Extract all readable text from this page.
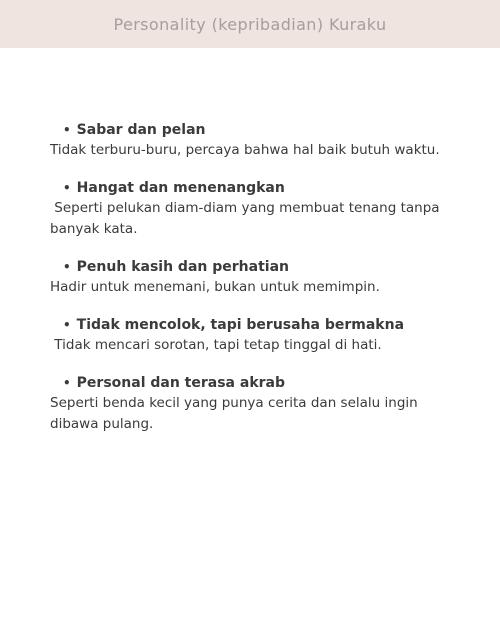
Personality (kepribadian) Kuraku
• Sabar dan pelan

Tidak terburu-buru, percaya bahwa hal baik butuh waktu.

• Hangat dan menenangkan

Seperti pelukan diam-diam yang membuat tenang tanpa banyak kata.

• Penuh kasih dan perhatian

Hadir untuk menemani, bukan untuk memimpin.

• Tidak mencolok, tapi berusaha bermakna

Tidak mencari sorotan, tapi tetap tinggal di hati.

• Personal dan terasa akrab

Seperti benda kecil yang punya cerita dan selalu ingin dibawa pulang.
